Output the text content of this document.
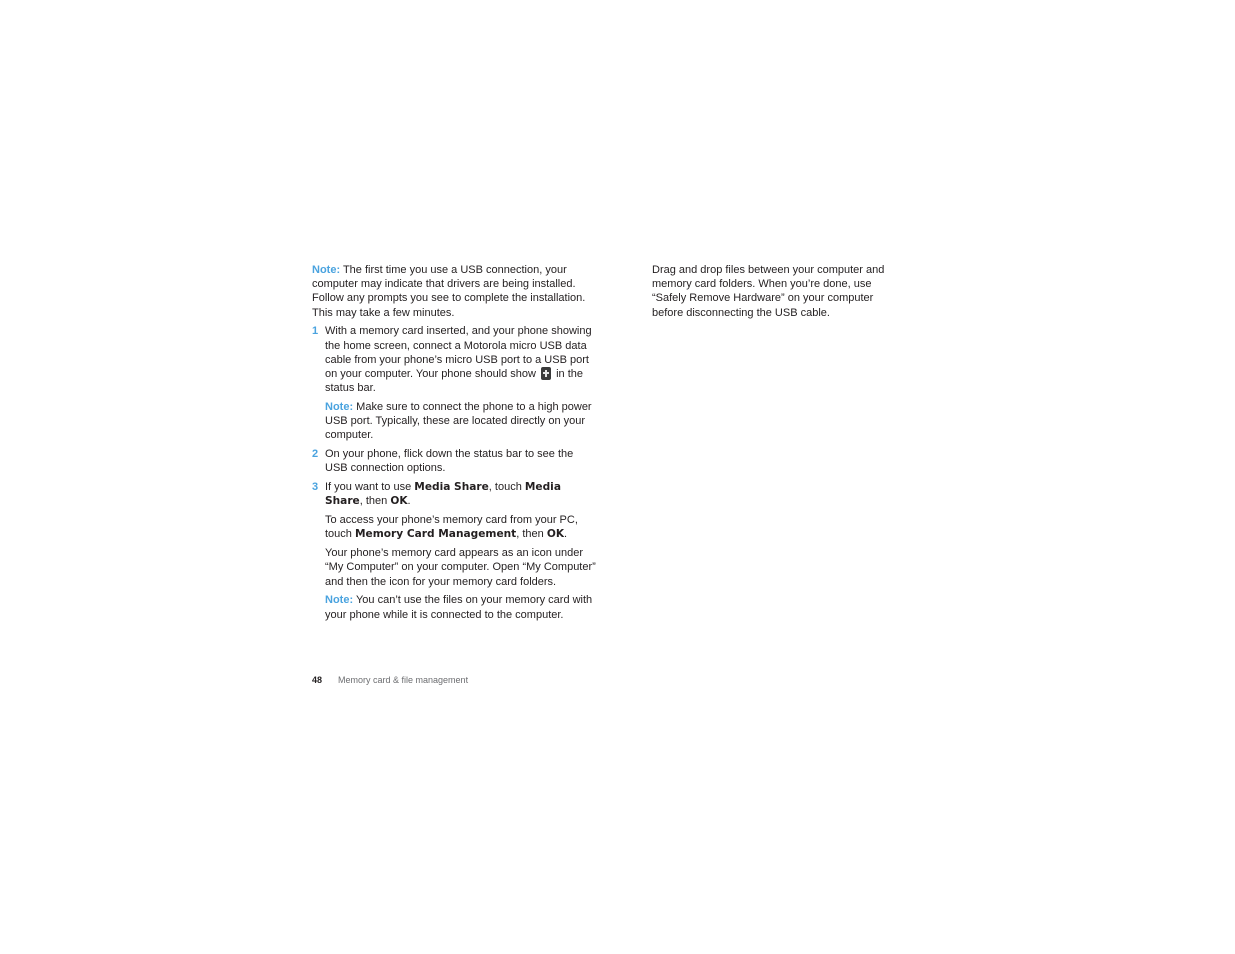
Note: The first time you use a USB connection, your computer may indicate that drivers are being installed. Follow any prompts you see to complete the installation. This may take a few minutes.

1 With a memory card inserted, and your phone showing the home screen, connect a Motorola micro USB data cable from your phone’s micro USB port to a USB port on your computer. Your phone should show in the status bar.

Note: Make sure to connect the phone to a high power USB port. Typically, these are located directly on your computer.

2 On your phone, flick down the status bar to see the USB connection options.

3 If you want to use Media Share, touch Media Share, then OK.

To access your phone’s memory card from your PC, touch Memory Card Management, then OK.

Your phone’s memory card appears as an icon under “My Computer” on your computer. Open “My Computer” and then the icon for your memory card folders.

Note: You can’t use the files on your memory card with your phone while it is connected to the computer.

Drag and drop files between your computer and memory card folders. When you’re done, use “Safely Remove Hardware” on your computer before disconnecting the USB cable.

48 Memory card & file management
